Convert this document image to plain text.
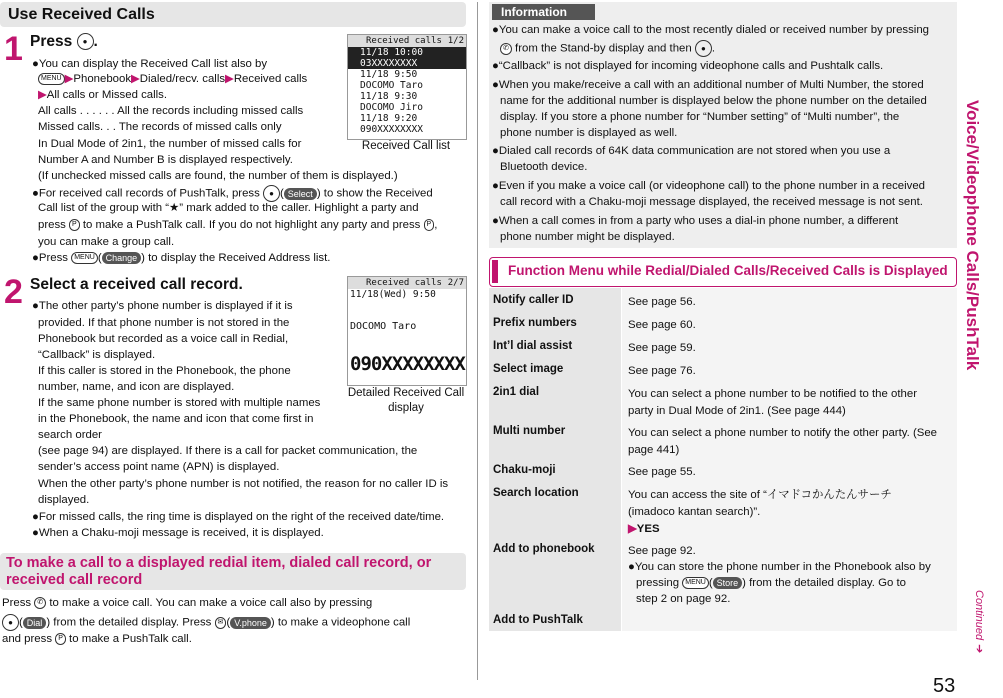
Use Received Calls
1 Press ● .
●You can display the Received Call list also by
MENU ▶Phonebook▶Dialed/recv. calls▶Received calls
▶All calls or Missed calls.
All calls . . . . . . All the records including missed calls
Missed calls. . . The records of missed calls only
In Dual Mode of 2in1, the number of missed calls for
Number A and Number B is displayed respectively.
(If unchecked missed calls are found, the number of them is displayed.)
●For received call records of PushTalk, press ● ( Select ) to show the Received
Call list of the group with “★” mark added to the caller. Highlight a party and
press P to make a PushTalk call. If you do not highlight any party and press P ,
you can make a group call.
●Press MENU ( Change ) to display the Received Address list.
Received calls 1/2
11/18 10:00
03XXXXXXXX
11/18 9:50
DOCOMO Taro
11/18 9:30
DOCOMO Jiro
11/18 9:20
090XXXXXXXX
Received Call list
2 Select a received call record.
●The other party’s phone number is displayed if it is
provided. If that phone number is not stored in the
Phonebook but recorded as a voice call in Redial,
“Callback” is displayed.
If this caller is stored in the Phonebook, the phone
number, name, and icon are displayed.
If the same phone number is stored with multiple names
in the Phonebook, the name and icon that come first in
search order
(see page 94) are displayed. If there is a call for packet communication, the
sender’s access point name (APN) is displayed.
When the other party’s phone number is not notified, the reason for no caller ID is
displayed.
●For missed calls, the ring time is displayed on the right of the received date/time.
●When a Chaku-moji message is received, it is displayed.
Received calls 2/7
11/18(Wed) 9:50
DOCOMO Taro
090XXXXXXXX
Detailed Received Call display
To make a call to a displayed redial item, dialed call record, or received call record
Press ✆ to make a voice call. You can make a voice call also by pressing
● ( Dial ) from the detailed display. Press ✉ ( V.phone ) to make a videophone call
and press P to make a PushTalk call.
Information
●You can make a voice call to the most recently dialed or received number by pressing
✆ from the Stand-by display and then ● .
●“Callback” is not displayed for incoming videophone calls and Pushtalk calls.
●When you make/receive a call with an additional number of Multi Number, the stored
name for the additional number is displayed below the phone number on the detailed
display. If you store a phone number for “Number setting” of “Multi number”, the
phone number is displayed as well.
●Dialed call records of 64K data communication are not stored when you use a
Bluetooth device.
●Even if you make a voice call (or videophone call) to the phone number in a received
call record with a Chaku-moji message displayed, the received message is not sent.
●When a call comes in from a party who uses a dial-in phone number, a different
phone number might be displayed.
Function Menu while Redial/Dialed Calls/Received Calls is Displayed
Notify caller ID	See page 56.
Prefix numbers	See page 60.
Int’l dial assist	See page 59.
Select image	See page 76.
2in1 dial	You can select a phone number to be notified to the other
party in Dual Mode of 2in1. (See page 444)
Multi number	You can select a phone number to notify the other party. (See
page 441)
Chaku-moji	See page 55.
Search location	You can access the site of “イマドコかんたんサーチ
(imadoco kantan search)”.
▶YES
Add to phonebook	See page 92.
●You can store the phone number in the Phonebook also by
pressing MENU ( Store ) from the detailed display. Go to
step 2 on page 92.
Add to PushTalk
Voice/Videophone Calls/PushTalk
Continued ➔
53
